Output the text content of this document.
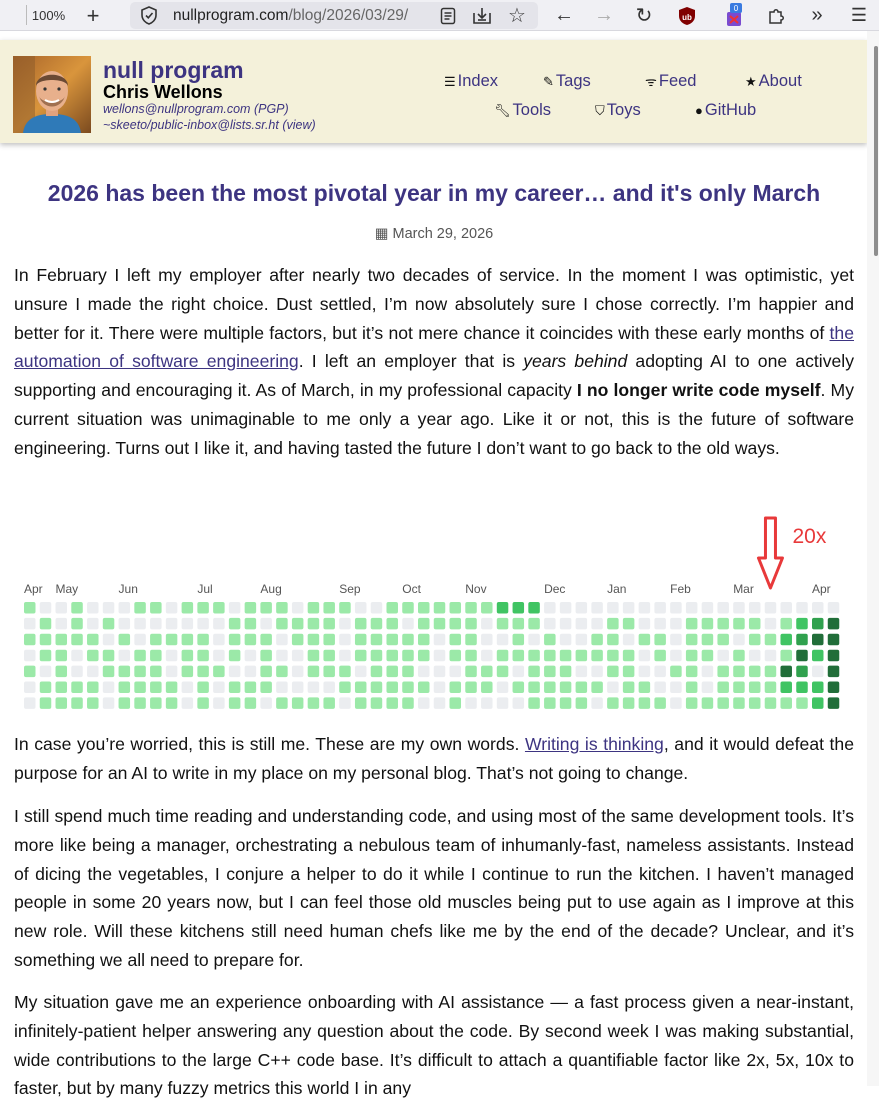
100% +	nullprogram.com/blog/2026/03/29/	☆ ← → ↻	ub
0	»	☰
null program
Chris Wellons
wellons@nullprogram.com (PGP)
~skeeto/public-inbox@lists.sr.ht (view)
☰ Index	✎ Tags	ᯤ Feed	★ About
🔧︎ Tools	⛉ Toys	● GitHub
2026 has been the most pivotal year in my career… and it's only March
▦ March 29, 2026

In February I left my employer after nearly two decades of service. In the moment I was optimistic, yet unsure I made the right choice. Dust settled, I’m now absolutely sure I chose correctly. I’m happier and better for it. There were multiple factors, but it’s not mere chance it coincides with these early months of the automation of software engineering. I left an employer that is years behind adopting AI to one actively supporting and encouraging it. As of March, in my professional capacity I no longer write code myself. My current situation was unimaginable to me only a year ago. Like it or not, this is the future of software engineering. Turns out I like it, and having tasted the future I don’t want to go back to the old ways.

Apr May	Jun	Jul	Aug	Sep	Oct	Nov	Dec	Jan	Feb	Mar	Apr
20x

In case you’re worried, this is still me. These are my own words. Writing is thinking, and it would defeat the purpose for an AI to write in my place on my personal blog. That’s not going to change.

I still spend much time reading and understanding code, and using most of the same development tools. It’s more like being a manager, orchestrating a nebulous team of inhumanly-fast, nameless assistants. Instead of dicing the vegetables, I conjure a helper to do it while I continue to run the kitchen. I haven’t managed people in some 20 years now, but I can feel those old muscles being put to use again as I improve at this new role. Will these kitchens still need human chefs like me by the end of the decade? Unclear, and it’s something we all need to prepare for.

My situation gave me an experience onboarding with AI assistance — a fast process given a near-instant, infinitely-patient helper answering any question about the code. By second week I was making substantial, wide contributions to the large C++ code base. It’s difficult to attach a quantifiable factor like 2x, 5x, 10x to faster, but by many fuzzy metrics this world I in any
